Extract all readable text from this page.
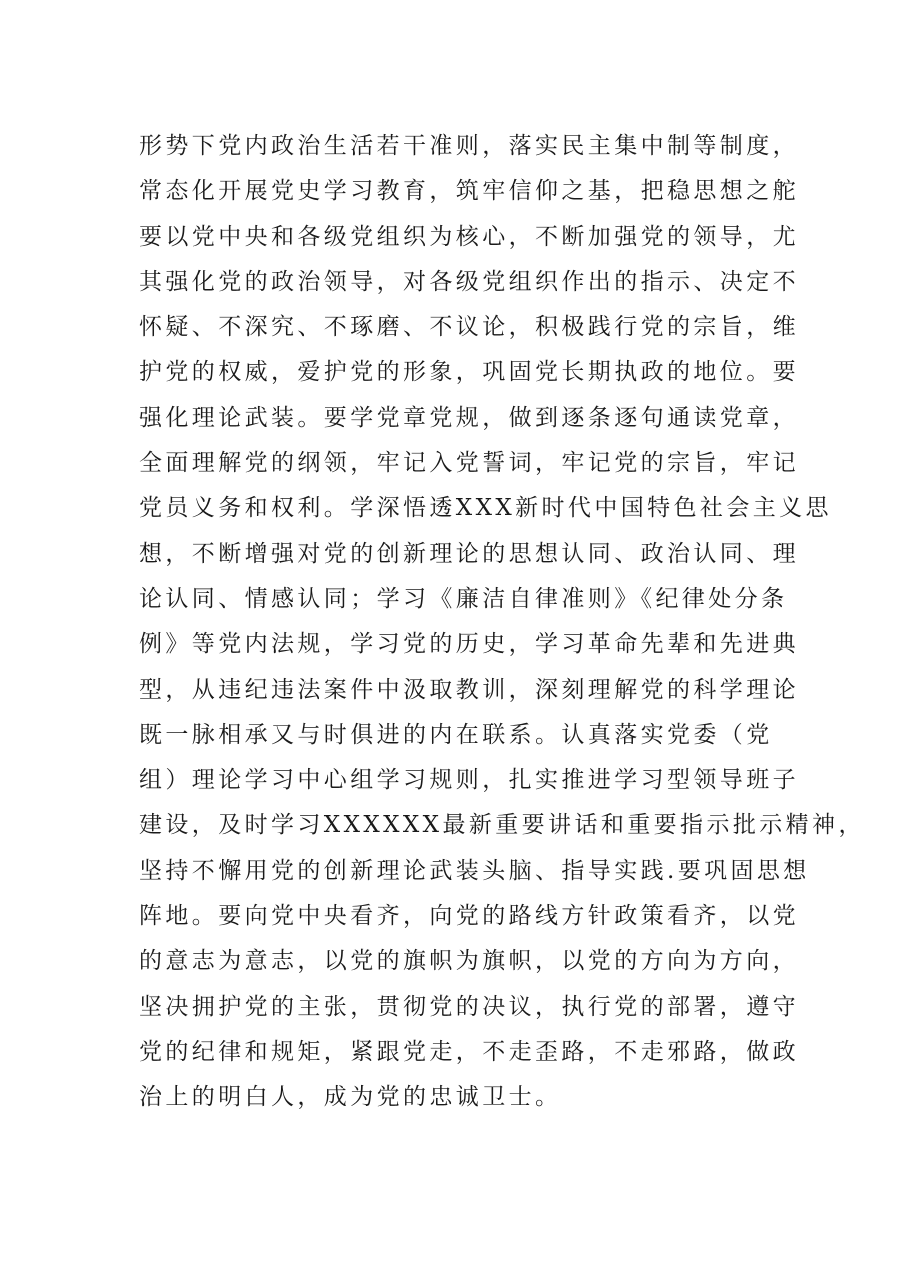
形势下党内政治生活若干准则，落实民主集中制等制度，
常态化开展党史学习教育，筑牢信仰之基，把稳思想之舵
要以党中央和各级党组织为核心，不断加强党的领导，尤
其强化党的政治领导，对各级党组织作出的指示、决定不
怀疑、不深究、不琢磨、不议论，积极践行党的宗旨，维
护党的权威，爱护党的形象，巩固党长期执政的地位。要
强化理论武装。要学党章党规，做到逐条逐句通读党章，
全面理解党的纲领，牢记入党誓词，牢记党的宗旨，牢记
党员义务和权利。学深悟透XXX新时代中国特色社会主义思
想，不断增强对党的创新理论的思想认同、政治认同、理
论认同、情感认同；学习《廉洁自律准则》《纪律处分条
例》等党内法规，学习党的历史，学习革命先辈和先进典
型，从违纪违法案件中汲取教训，深刻理解党的科学理论
既一脉相承又与时俱进的内在联系。认真落实党委（党
组）理论学习中心组学习规则，扎实推进学习型领导班子
建设，及时学习XXXXXX最新重要讲话和重要指示批示精神，
坚持不懈用党的创新理论武装头脑、指导实践.要巩固思想
阵地。要向党中央看齐，向党的路线方针政策看齐，以党
的意志为意志，以党的旗帜为旗帜，以党的方向为方向，
坚决拥护党的主张，贯彻党的决议，执行党的部署，遵守
党的纪律和规矩，紧跟党走，不走歪路，不走邪路，做政
治上的明白人，成为党的忠诚卫士。
